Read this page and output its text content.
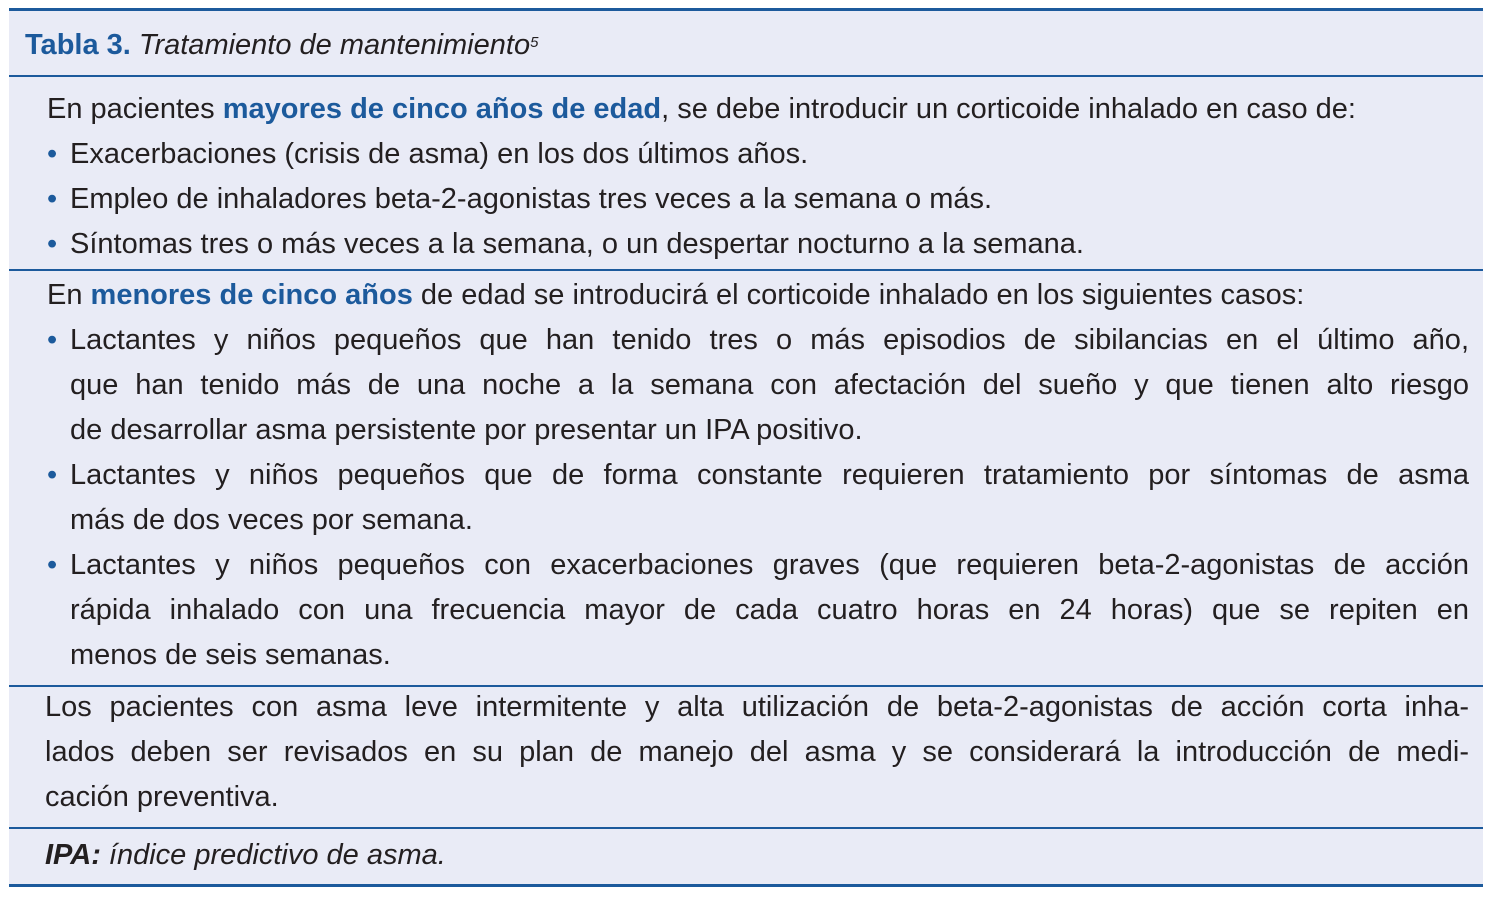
Tabla 3. Tratamiento de mantenimiento$^5$
En pacientes mayores de cinco años de edad, se debe introducir un corticoide inhalado en caso de:
• Exacerbaciones (crisis de asma) en los dos últimos años.
• Empleo de inhaladores beta-2-agonistas tres veces a la semana o más.
• Síntomas tres o más veces a la semana, o un despertar nocturno a la semana.
En menores de cinco años de edad se introducirá el corticoide inhalado en los siguientes casos:
• Lactantes y niños pequeños que han tenido tres o más episodios de sibilancias en el último año,
que han tenido más de una noche a la semana con afectación del sueño y que tienen alto riesgo
de desarrollar asma persistente por presentar un IPA positivo.
• Lactantes y niños pequeños que de forma constante requieren tratamiento por síntomas de asma
más de dos veces por semana.
• Lactantes y niños pequeños con exacerbaciones graves (que requieren beta-2-agonistas de acción
rápida inhalado con una frecuencia mayor de cada cuatro horas en 24 horas) que se repiten en
menos de seis semanas.
Los pacientes con asma leve intermitente y alta utilización de beta-2-agonistas de acción corta inha-
lados deben ser revisados en su plan de manejo del asma y se considerará la introducción de medi-
cación preventiva.
IPA: índice predictivo de asma.
